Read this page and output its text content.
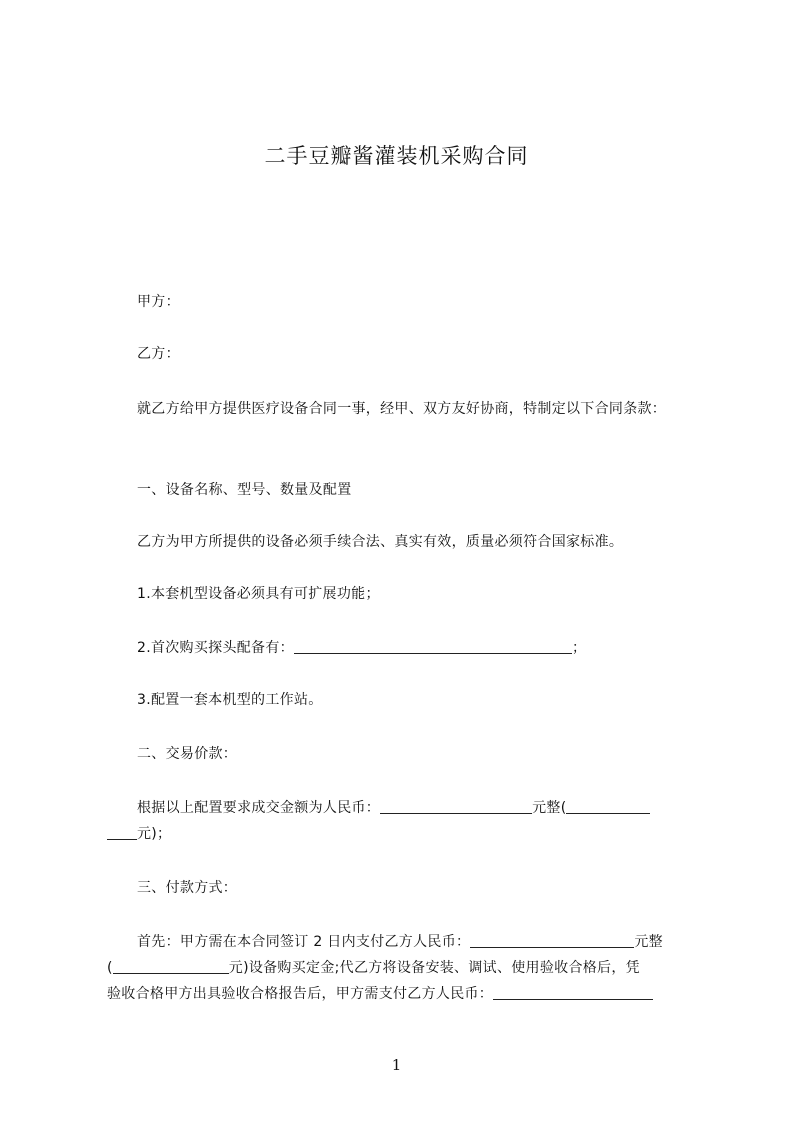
二手豆瓣酱灌装机采购合同
甲方：
乙方：
就乙方给甲方提供医疗设备合同一事，经甲、双方友好协商，特制定以下合同条款：
一、设备名称、型号、数量及配置
乙方为甲方所提供的设备必须手续合法、真实有效，质量必须符合国家标准。
1.本套机型设备必须具有可扩展功能；
2.首次购买探头配备有：	；
3.配置一套本机型的工作站。
二、交易价款：
根据以上配置要求成交金额为人民币：	元整(
元)；
三、付款方式：
首先：甲方需在本合同签订 2 日内支付乙方人民币：	元整
(	元)设备购买定金;代乙方将设备安装、调试、使用验收合格后，凭
验收合格甲方出具验收合格报告后，甲方需支付乙方人民币：
1
